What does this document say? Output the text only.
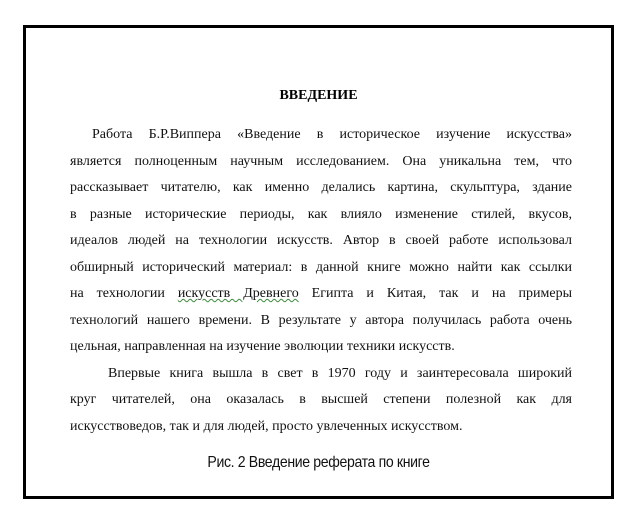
ВВЕДЕНИЕ
Работа Б.Р.Виппера «Введение в историческое изучение искусства»
является полноценным научным исследованием. Она уникальна тем, что
рассказывает читателю, как именно делались картина, скульптура, здание
в разные исторические периоды, как влияло изменение стилей, вкусов,
идеалов людей на технологии искусств. Автор в своей работе использовал
обширный исторический материал: в данной книге можно найти как ссылки
на технологии искусств Древнего Египта и Китая, так и на примеры
технологий нашего времени. В результате у автора получилась работа очень
цельная, направленная на изучение эволюции техники искусств.
Впервые книга вышла в свет в 1970 году и заинтересовала широкий
круг читателей, она оказалась в высшей степени полезной как для
искусствоведов, так и для людей, просто увлеченных искусством.
Рис. 2 Введение реферата по книге
